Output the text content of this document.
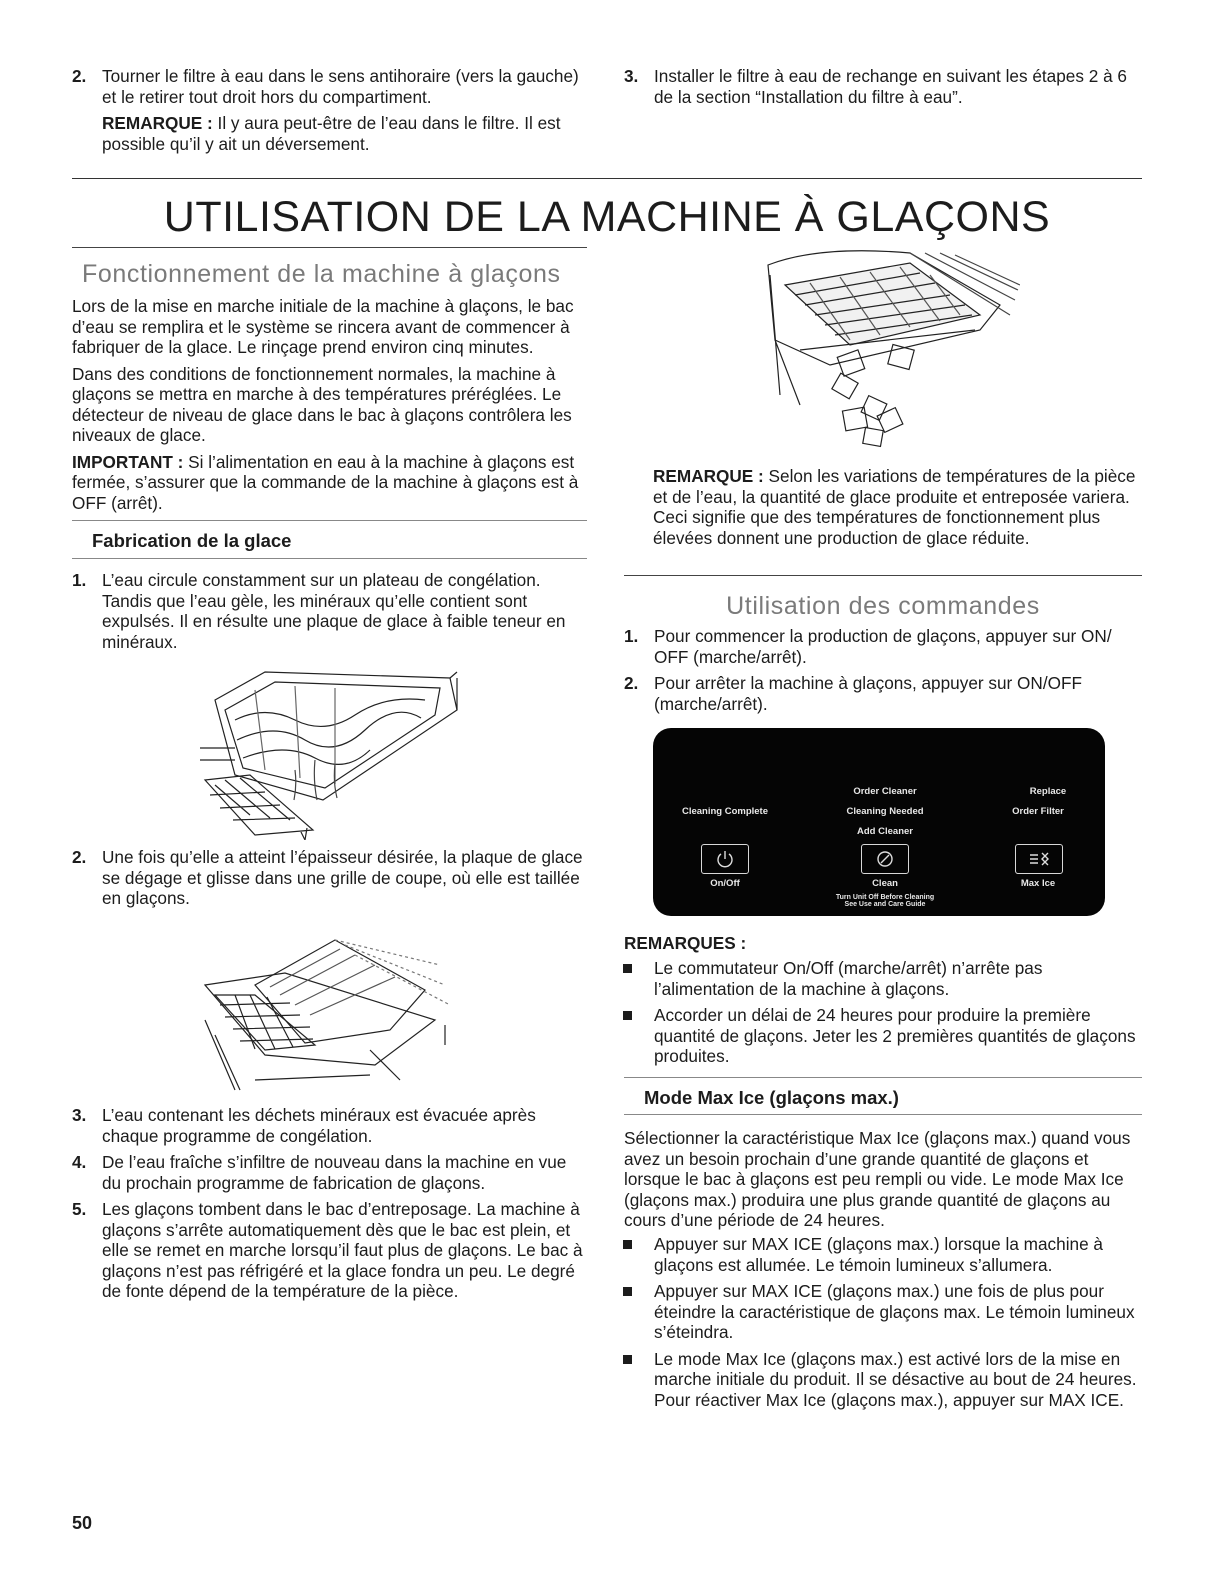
2. Tourner le filtre à eau dans le sens antihoraire (vers la gauche) et le retirer tout droit hors du compartiment.

REMARQUE : Il y aura peut-être de l’eau dans le filtre. Il est possible qu’il y ait un déversement.

3. Installer le filtre à eau de rechange en suivant les étapes 2 à 6 de la section “Installation du filtre à eau”.

UTILISATION DE LA MACHINE À GLAÇONS
Fonctionnement de la machine à glaçons

Lors de la mise en marche initiale de la machine à glaçons, le bac d’eau se remplira et le système se rincera avant de commencer à fabriquer de la glace. Le rinçage prend environ cinq minutes.

Dans des conditions de fonctionnement normales, la machine à glaçons se mettra en marche à des températures préréglées. Le détecteur de niveau de glace dans le bac à glaçons contrôlera les niveaux de glace.

IMPORTANT : Si l’alimentation en eau à la machine à glaçons est fermée, s’assurer que la commande de la machine à glaçons est à OFF (arrêt).

Fabrication de la glace
1. L’eau circule constamment sur un plateau de congélation. Tandis que l’eau gèle, les minéraux qu’elle contient sont expulsés. Il en résulte une plaque de glace à faible teneur en minéraux.
2. Une fois qu’elle a atteint l’épaisseur désirée, la plaque de glace se dégage et glisse dans une grille de coupe, où elle est taillée en glaçons.
3. L’eau contenant les déchets minéraux est évacuée après chaque programme de congélation.
4. De l’eau fraîche s’infiltre de nouveau dans la machine en vue du prochain programme de fabrication de glaçons.
5. Les glaçons tombent dans le bac d’entreposage. La machine à glaçons s’arrête automatiquement dès que le bac est plein, et elle se remet en marche lorsqu’il faut plus de glaçons. Le bac à glaçons n’est pas réfrigéré et la glace fondra un peu. Le degré de fonte dépend de la température de la pièce.

REMARQUE : Selon les variations de températures de la pièce et de l’eau, la quantité de glace produite et entreposée variera. Ceci signifie que des températures de fonctionnement plus élevées donnent une production de glace réduite.

Utilisation des commandes
1. Pour commencer la production de glaçons, appuyer sur ON/ OFF (marche/arrêt).
2. Pour arrêter la machine à glaçons, appuyer sur ON/OFF (marche/arrêt).
Cleaning Complete
Order Cleaner
Cleaning Needed
Add Cleaner
Replace
Order Filter
On/Off	Clean
Turn Unit Off Before Cleaning
See Use and Care Guide
Max Ice

REMARQUES :

Le commutateur On/Off (marche/arrêt) n’arrête pas l’alimentation de la machine à glaçons.
Accorder un délai de 24 heures pour produire la première quantité de glaçons. Jeter les 2 premières quantités de glaçons produites.
Mode Max Ice (glaçons max.)

Sélectionner la caractéristique Max Ice (glaçons max.) quand vous avez un besoin prochain d’une grande quantité de glaçons et lorsque le bac à glaçons est peu rempli ou vide. Le mode Max Ice (glaçons max.) produira une plus grande quantité de glaçons au cours d’une période de 24 heures.

Appuyer sur MAX ICE (glaçons max.) lorsque la machine à glaçons est allumée. Le témoin lumineux s’allumera.
Appuyer sur MAX ICE (glaçons max.) une fois de plus pour éteindre la caractéristique de glaçons max. Le témoin lumineux s’éteindra.
Le mode Max Ice (glaçons max.) est activé lors de la mise en marche initiale du produit. Il se désactive au bout de 24 heures. Pour réactiver Max Ice (glaçons max.), appuyer sur MAX ICE.
50
